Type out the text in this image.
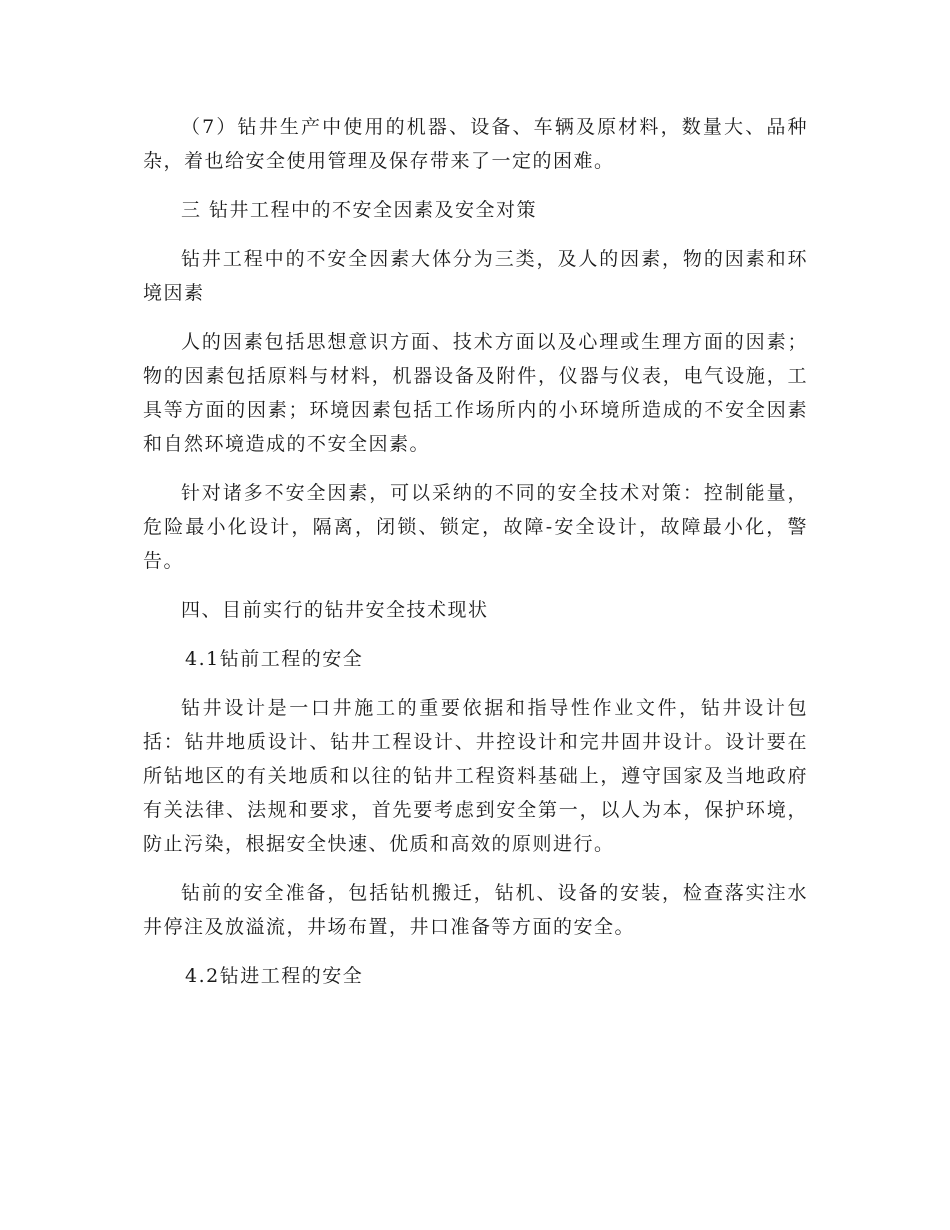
（7）钻井生产中使用的机器、设备、车辆及原材料，数量大、品种杂，着也给安全使用管理及保存带来了一定的困难。

三 钻井工程中的不安全因素及安全对策

钻井工程中的不安全因素大体分为三类，及人的因素，物的因素和环境因素

人的因素包括思想意识方面、技术方面以及心理或生理方面的因素；物的因素包括原料与材料，机器设备及附件，仪器与仪表，电气设施，工具等方面的因素；环境因素包括工作场所内的小环境所造成的不安全因素和自然环境造成的不安全因素。

针对诸多不安全因素，可以采纳的不同的安全技术对策：控制能量，危险最小化设计，隔离，闭锁、锁定，故障-安全设计，故障最小化，警告。

四、目前实行的钻井安全技术现状

4.1钻前工程的安全

钻井设计是一口井施工的重要依据和指导性作业文件，钻井设计包括：钻井地质设计、钻井工程设计、井控设计和完井固井设计。设计要在所钻地区的有关地质和以往的钻井工程资料基础上，遵守国家及当地政府有关法律、法规和要求，首先要考虑到安全第一，以人为本，保护环境，防止污染，根据安全快速、优质和高效的原则进行。

钻前的安全准备，包括钻机搬迁，钻机、设备的安装，检查落实注水井停注及放溢流，井场布置，井口准备等方面的安全。

4.2钻进工程的安全
